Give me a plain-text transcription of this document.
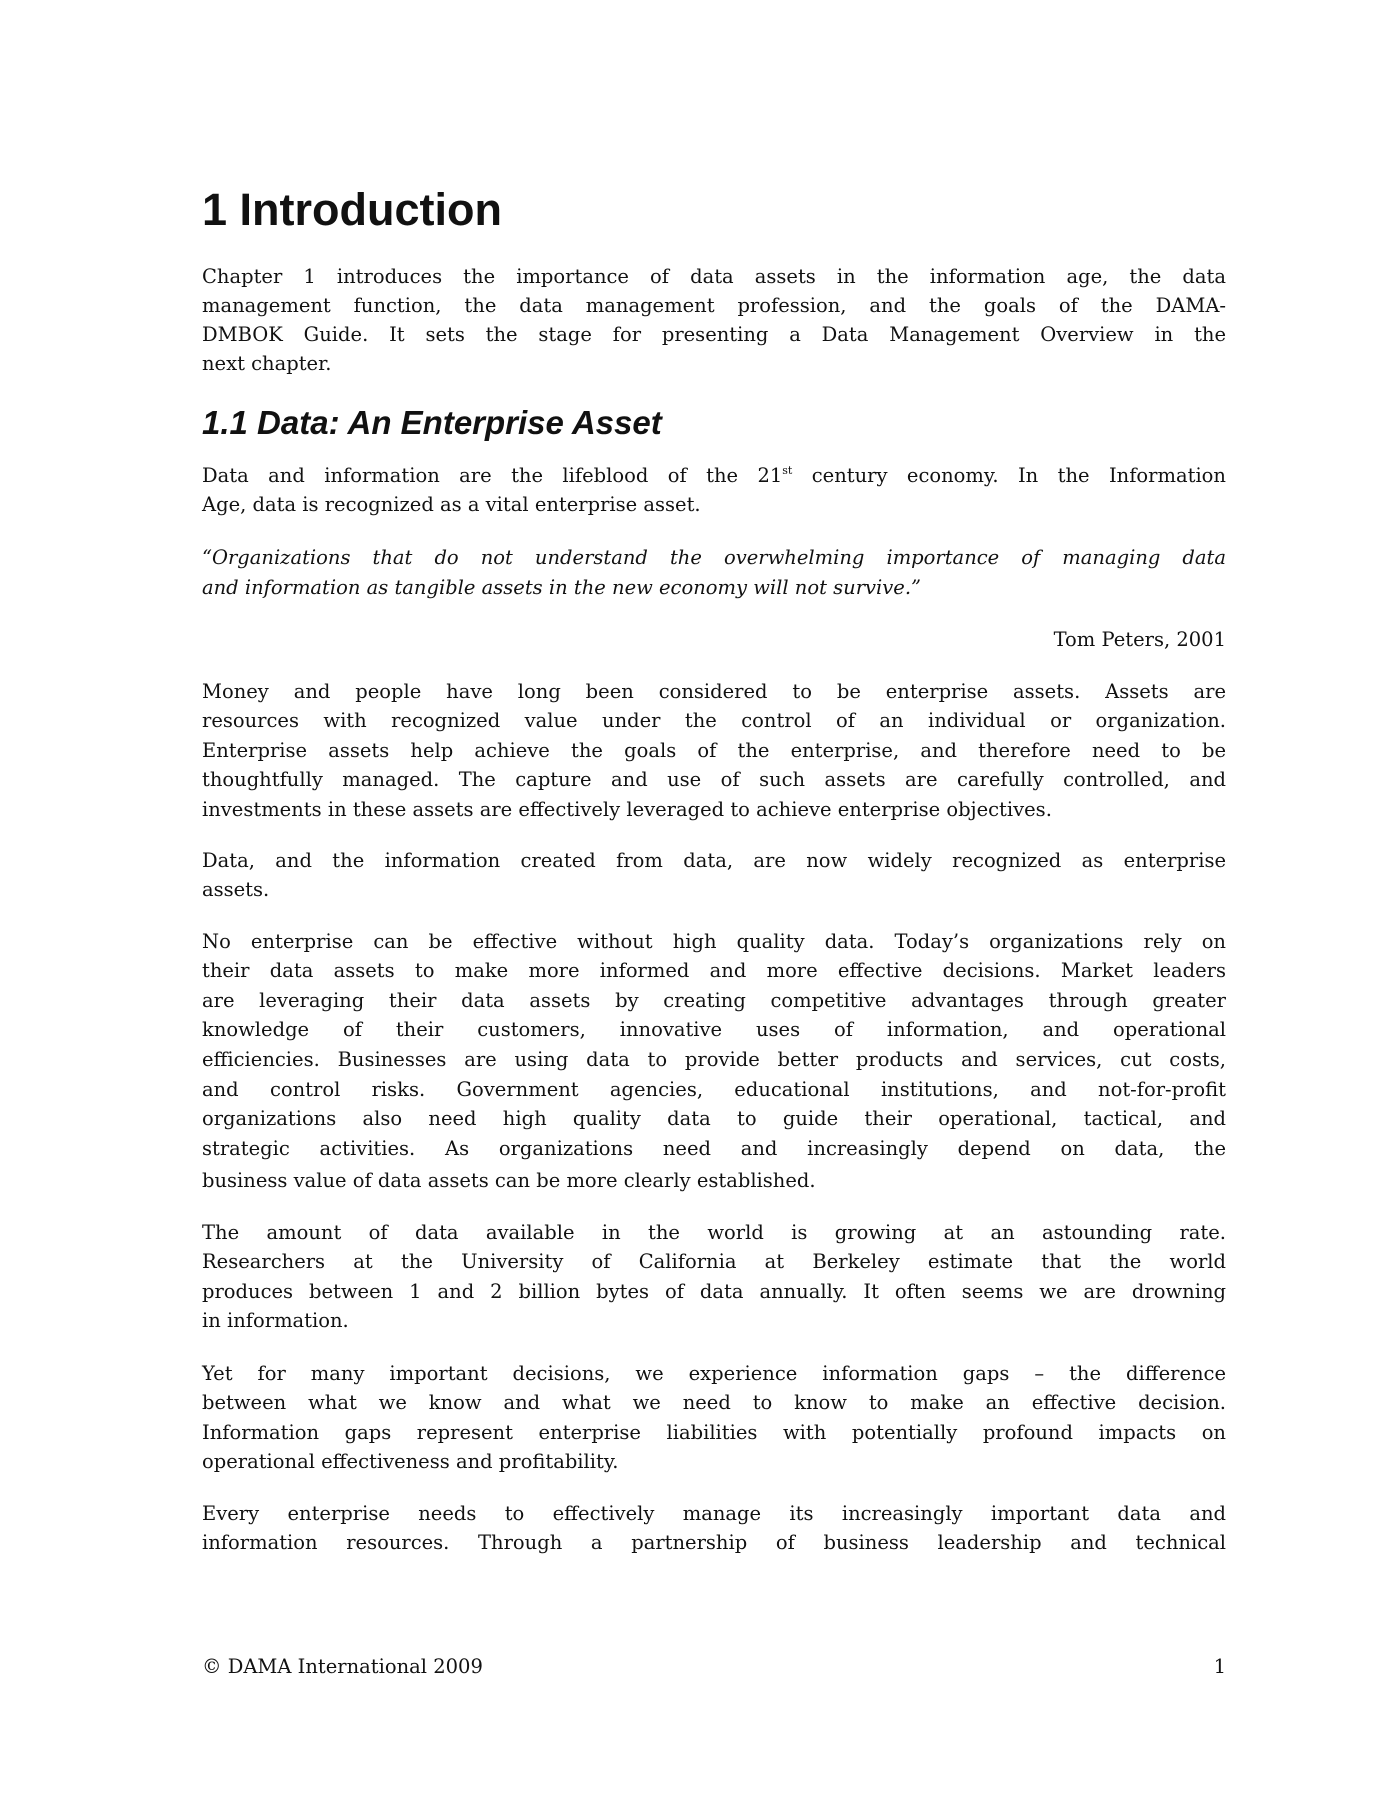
1 Introduction
Chapter 1 introduces the importance of data assets in the information age, the data
management function, the data management profession, and the goals of the DAMA-
DMBOK Guide. It sets the stage for presenting a Data Management Overview in the
next chapter.
1.1 Data: An Enterprise Asset
Data and information are the lifeblood of the 21st century economy. In the Information
Age, data is recognized as a vital enterprise asset.
“Organizations that do not understand the overwhelming importance of managing data
and information as tangible assets in the new economy will not survive.”
Tom Peters, 2001
Money and people have long been considered to be enterprise assets. Assets are
resources with recognized value under the control of an individual or organization.
Enterprise assets help achieve the goals of the enterprise, and therefore need to be
thoughtfully managed. The capture and use of such assets are carefully controlled, and
investments in these assets are effectively leveraged to achieve enterprise objectives.
Data, and the information created from data, are now widely recognized as enterprise
assets.
No enterprise can be effective without high quality data. Today’s organizations rely on
their data assets to make more informed and more effective decisions. Market leaders
are leveraging their data assets by creating competitive advantages through greater
knowledge of their customers, innovative uses of information, and operational
efficiencies. Businesses are using data to provide better products and services, cut costs,
and control risks. Government agencies, educational institutions, and not-for-profit
organizations also need high quality data to guide their operational, tactical, and
strategic activities. As organizations need and increasingly depend on data, the
business value of data assets can be more clearly established.
The amount of data available in the world is growing at an astounding rate.
Researchers at the University of California at Berkeley estimate that the world
produces between 1 and 2 billion bytes of data annually. It often seems we are drowning
in information.
Yet for many important decisions, we experience information gaps – the difference
between what we know and what we need to know to make an effective decision.
Information gaps represent enterprise liabilities with potentially profound impacts on
operational effectiveness and profitability.
Every enterprise needs to effectively manage its increasingly important data and
information resources. Through a partnership of business leadership and technical
© DAMA International 2009	1
